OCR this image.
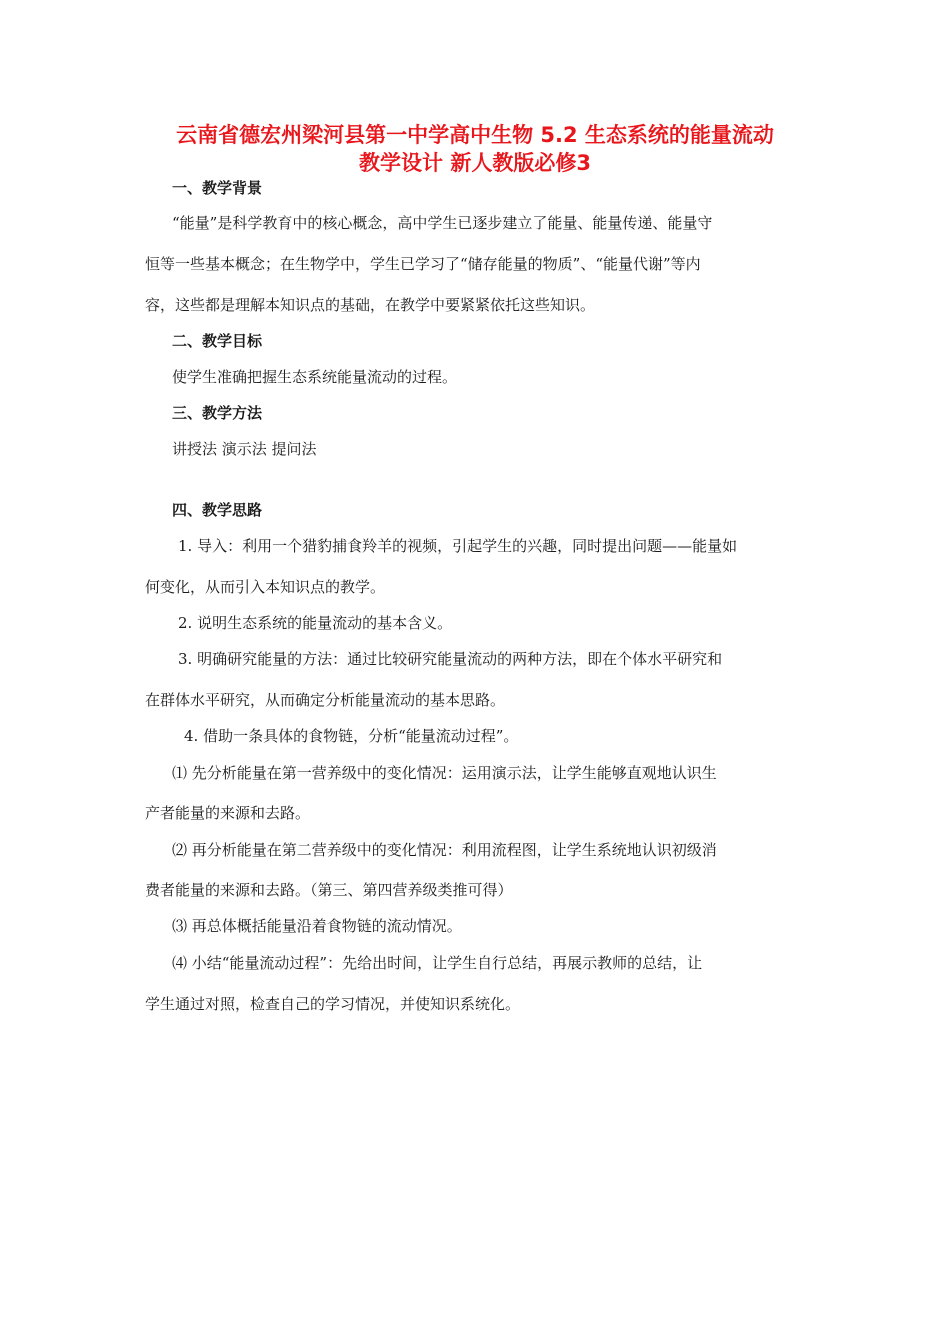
云南省德宏州梁河县第一中学高中生物 5.2 生态系统的能量流动
教学设计 新人教版必修3
一、教学背景
“能量”是科学教育中的核心概念，高中学生已逐步建立了能量、能量传递、能量守
恒等一些基本概念；在生物学中，学生已学习了“储存能量的物质”、“能量代谢”等内
容，这些都是理解本知识点的基础，在教学中要紧紧依托这些知识。
二、教学目标
使学生准确把握生态系统能量流动的过程。
三、教学方法
讲授法 演示法 提问法
四、教学思路
1. 导入：利用一个猎豹捕食羚羊的视频，引起学生的兴趣，同时提出问题——能量如
何变化，从而引入本知识点的教学。
2. 说明生态系统的能量流动的基本含义。
3. 明确研究能量的方法：通过比较研究能量流动的两种方法，即在个体水平研究和
在群体水平研究，从而确定分析能量流动的基本思路。
4. 借助一条具体的食物链，分析“能量流动过程”。
⑴ 先分析能量在第一营养级中的变化情况：运用演示法，让学生能够直观地认识生
产者能量的来源和去路。
⑵ 再分析能量在第二营养级中的变化情况：利用流程图，让学生系统地认识初级消
费者能量的来源和去路。（第三、第四营养级类推可得）
⑶ 再总体概括能量沿着食物链的流动情况。
⑷ 小结“能量流动过程”：先给出时间，让学生自行总结，再展示教师的总结，让
学生通过对照，检查自己的学习情况，并使知识系统化。
